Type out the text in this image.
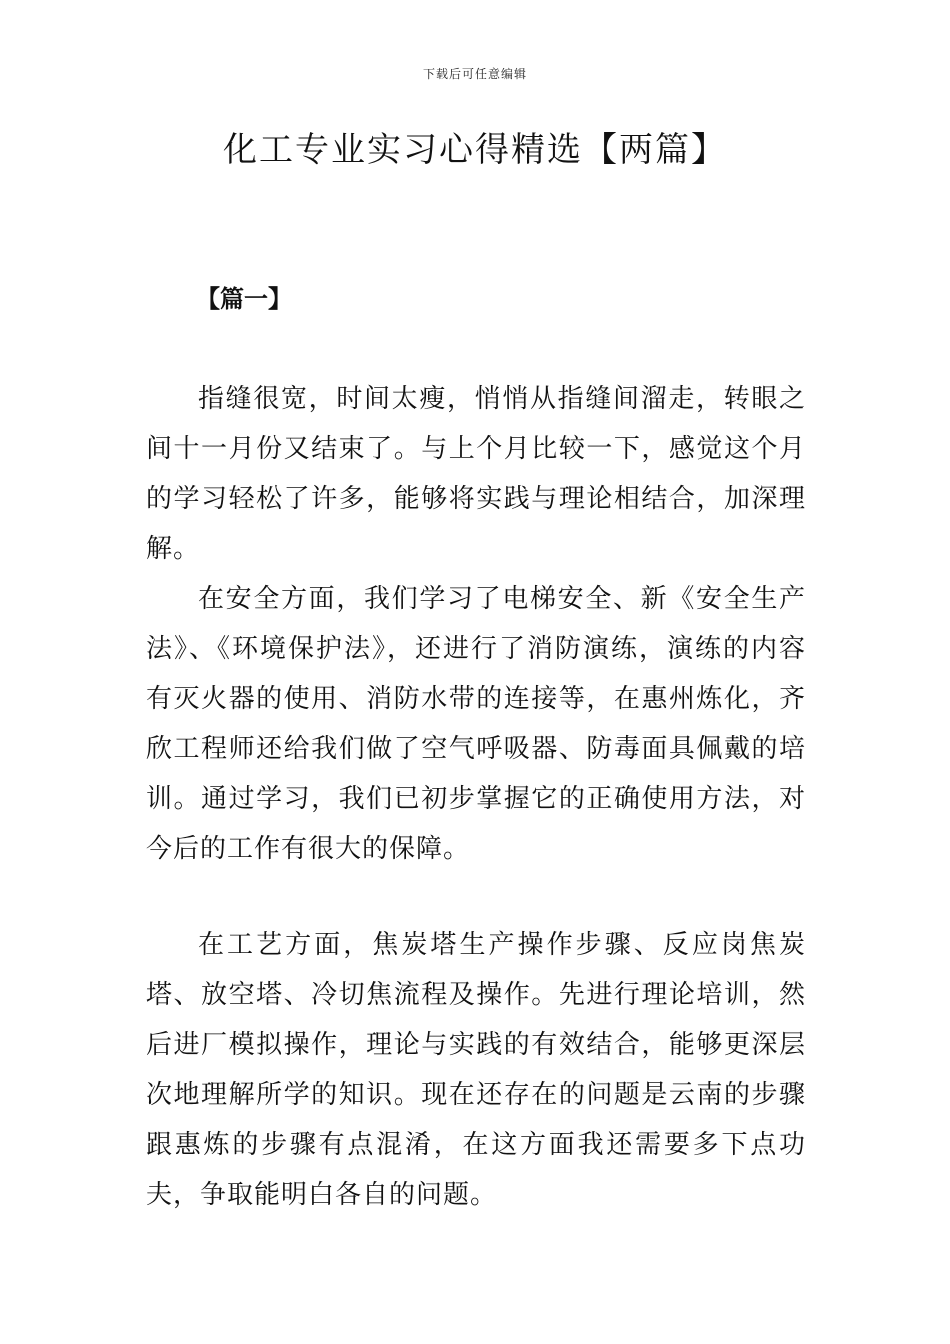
下载后可任意编辑
化工专业实习心得精选【两篇】
【篇一】

指缝很宽，时间太瘦，悄悄从指缝间溜走，转眼之间十一月份又结束了。与上个月比较一下，感觉这个月的学习轻松了许多，能够将实践与理论相结合，加深理解。

在安全方面，我们学习了电梯安全、新《安全生产法》、《环境保护法》，还进行了消防演练，演练的内容有灭火器的使用、消防水带的连接等，在惠州炼化，齐欣工程师还给我们做了空气呼吸器、防毒面具佩戴的培训。通过学习，我们已初步掌握它的正确使用方法，对今后的工作有很大的保障。

在工艺方面，焦炭塔生产操作步骤、反应岗焦炭塔、放空塔、冷切焦流程及操作。先进行理论培训，然后进厂模拟操作，理论与实践的有效结合，能够更深层次地理解所学的知识。现在还存在的问题是云南的步骤跟惠炼的步骤有点混淆，在这方面我还需要多下点功夫，争取能明白各自的问题。
